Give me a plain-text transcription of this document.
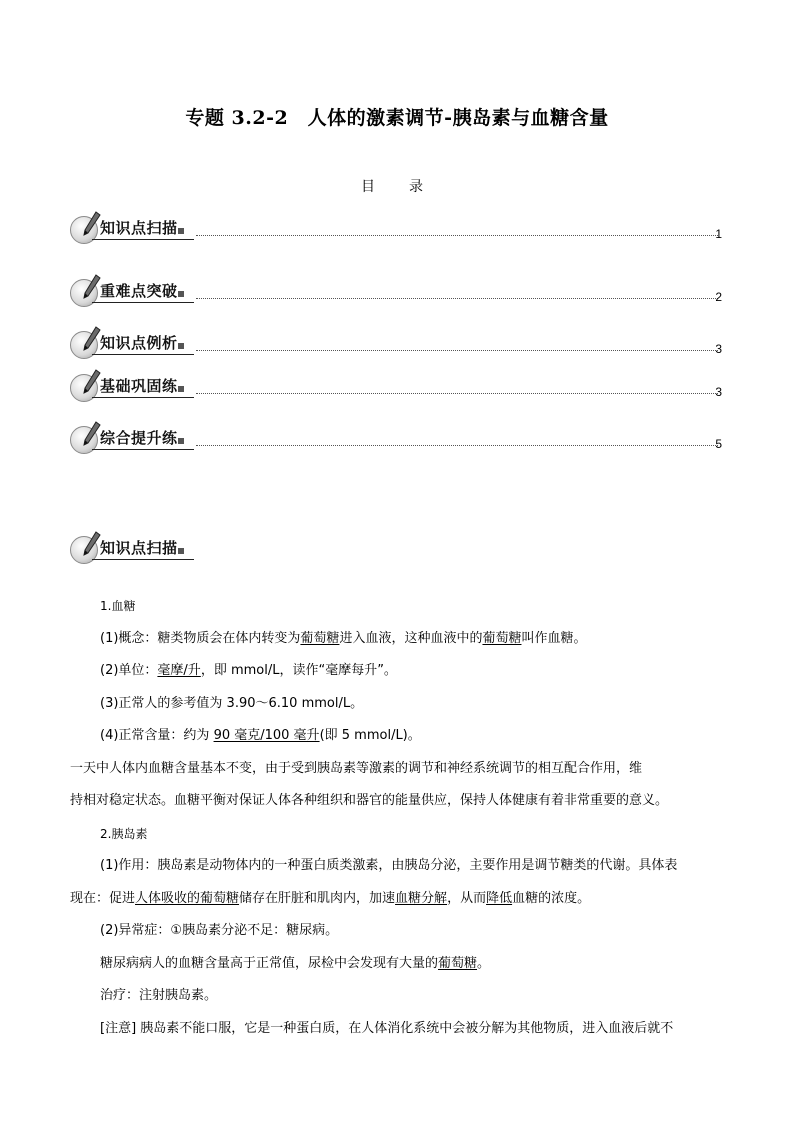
专题 3.2-2　人体的激素调节-胰岛素与血糖含量
目　录
知识点扫描	1
重难点突破	2
知识点例析	3
基础巩固练	3
综合提升练	5
知识点扫描

1.血糖

(1)概念：糖类物质会在体内转变为葡萄糖进入血液，这种血液中的葡萄糖叫作血糖。

(2)单位：毫摩/升，即 mmol/L，读作“毫摩每升”。

(3)正常人的参考值为 3.90～6.10 mmol/L。

(4)正常含量：约为 90 毫克/100 毫升(即 5 mmol/L)。

一天中人体内血糖含量基本不变，由于受到胰岛素等激素的调节和神经系统调节的相互配合作用，维

持相对稳定状态。血糖平衡对保证人体各种组织和器官的能量供应，保持人体健康有着非常重要的意义。

2.胰岛素

(1)作用：胰岛素是动物体内的一种蛋白质类激素，由胰岛分泌，主要作用是调节糖类的代谢。具体表

现在：促进人体吸收的葡萄糖储存在肝脏和肌肉内，加速血糖分解，从而降低血糖的浓度。

(2)异常症：①胰岛素分泌不足：糖尿病。

糖尿病病人的血糖含量高于正常值，尿检中会发现有大量的葡萄糖。

治疗：注射胰岛素。

[注意] 胰岛素不能口服，它是一种蛋白质，在人体消化系统中会被分解为其他物质，进入血液后就不
